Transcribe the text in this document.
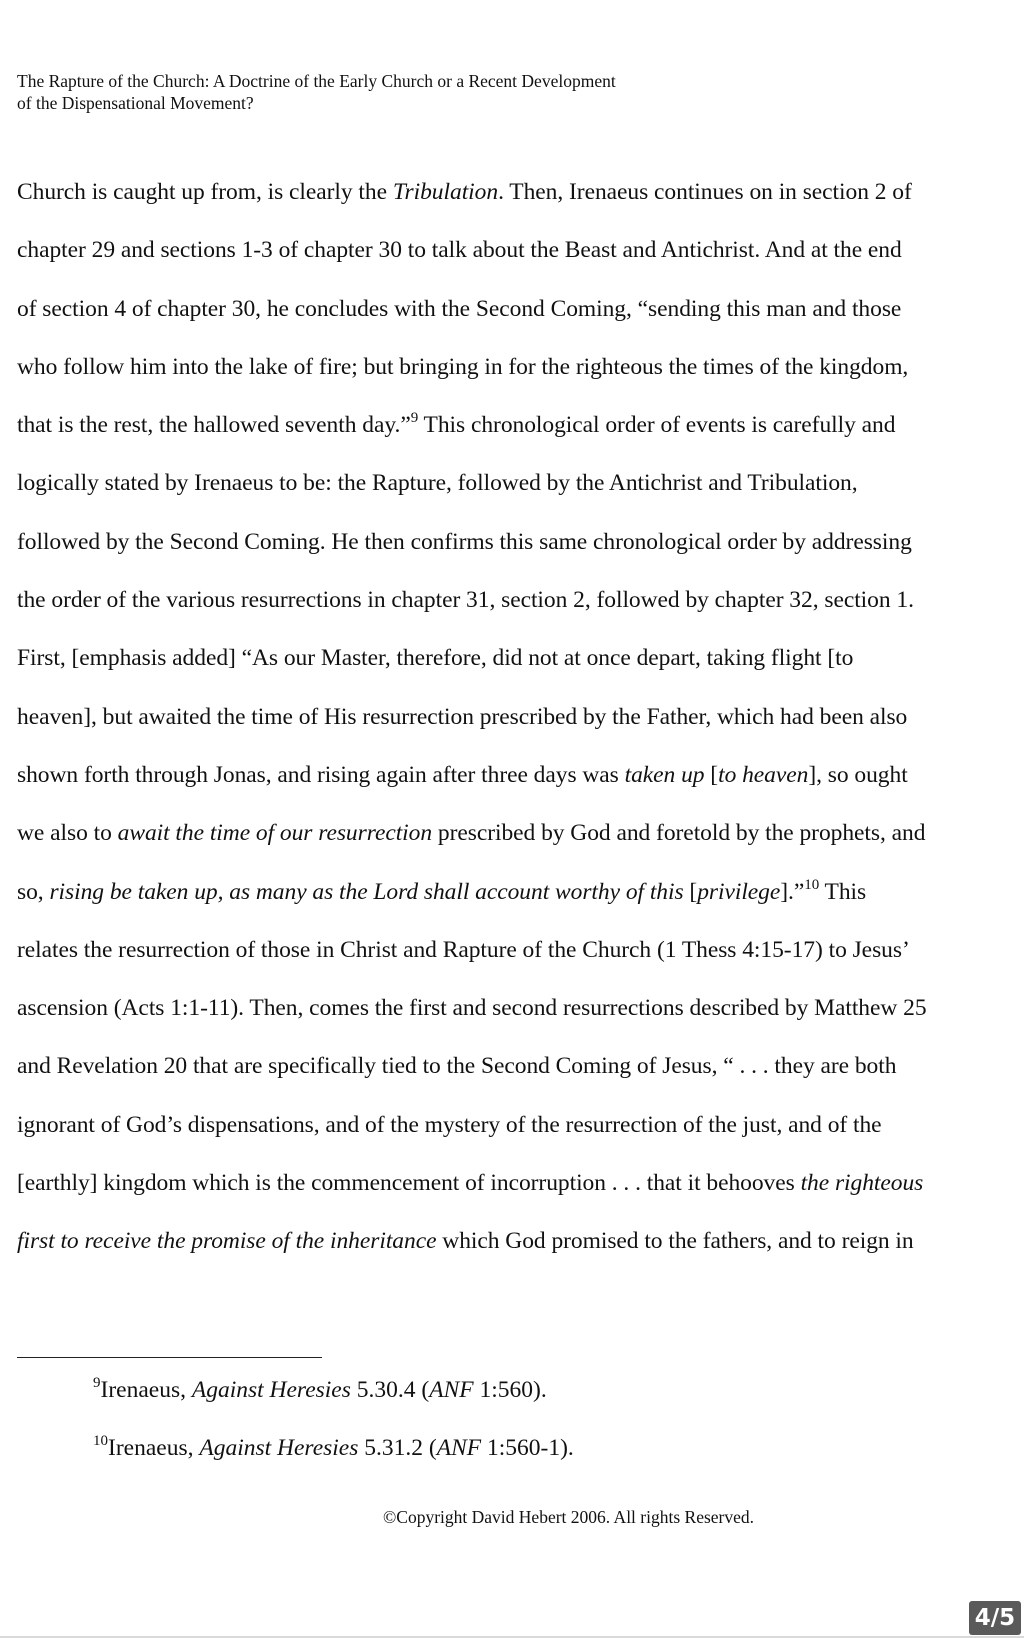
The Rapture of the Church: A Doctrine of the Early Church or a Recent Development
of the Dispensational Movement?
Church is caught up from, is clearly the Tribulation. Then, Irenaeus continues on in section 2 of
chapter 29 and sections 1-3 of chapter 30 to talk about the Beast and Antichrist. And at the end
of section 4 of chapter 30, he concludes with the Second Coming, “sending this man and those
who follow him into the lake of fire; but bringing in for the righteous the times of the kingdom,
that is the rest, the hallowed seventh day.”$^9$ This chronological order of events is carefully and
logically stated by Irenaeus to be: the Rapture, followed by the Antichrist and Tribulation,
followed by the Second Coming. He then confirms this same chronological order by addressing
the order of the various resurrections in chapter 31, section 2, followed by chapter 32, section 1.
First, [emphasis added] “As our Master, therefore, did not at once depart, taking flight [to
heaven], but awaited the time of His resurrection prescribed by the Father, which had been also
shown forth through Jonas, and rising again after three days was taken up [to heaven], so ought
we also to await the time of our resurrection prescribed by God and foretold by the prophets, and
so, rising be taken up, as many as the Lord shall account worthy of this [privilege].”$^{10}$ This
relates the resurrection of those in Christ and Rapture of the Church (1 Thess 4:15-17) to Jesus’
ascension (Acts 1:1-11). Then, comes the first and second resurrections described by Matthew 25
and Revelation 20 that are specifically tied to the Second Coming of Jesus, “ . . . they are both
ignorant of God’s dispensations, and of the mystery of the resurrection of the just, and of the
[earthly] kingdom which is the commencement of incorruption . . . that it behooves the righteous
first to receive the promise of the inheritance which God promised to the fathers, and to reign in
$^9$Irenaeus, Against Heresies 5.30.4 (ANF 1:560).
$^{10}$Irenaeus, Against Heresies 5.31.2 (ANF 1:560-1).
©Copyright David Hebert 2006. All rights Reserved.
4/5
